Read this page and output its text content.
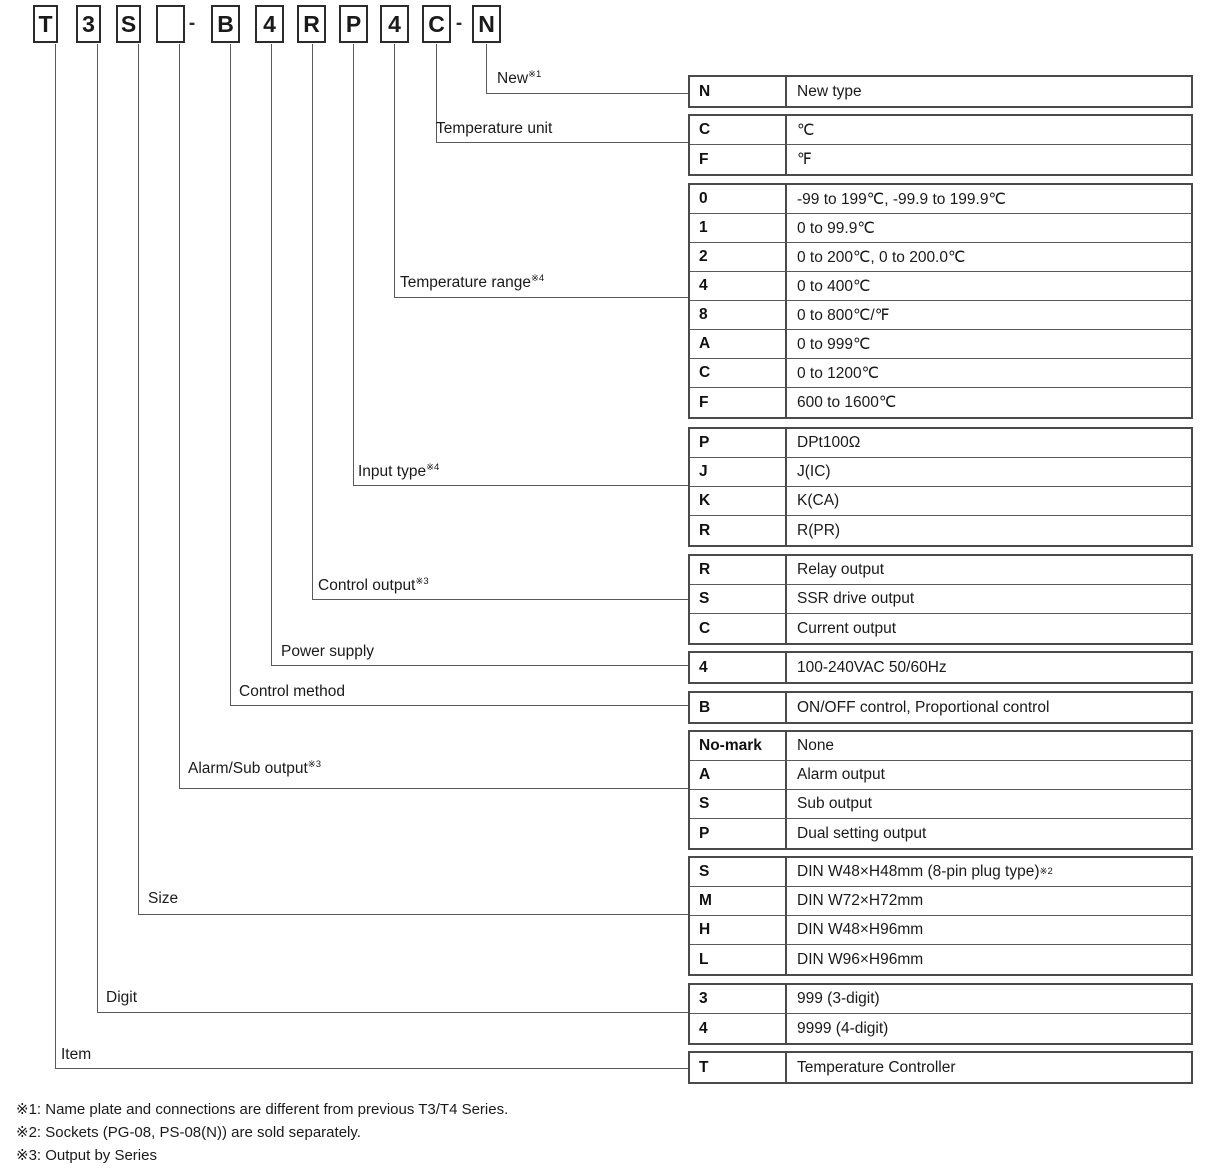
T 3 S	- B	4	R P	4	C - N
New$^{※1}$
Temperature unit
Temperature range$^{※4}$
Input type$^{※4}$
Control output$^{※3}$
Power supply
Control method
Alarm/Sub output$^{※3}$
Size
Digit
Item
N	New type
C	℃
F	℉
0	-99 to 199℃, -99.9 to 199.9℃
1	0 to 99.9℃
2	0 to 200℃, 0 to 200.0℃
4	0 to 400℃
8	0 to 800℃/℉
A	0 to 999℃
C	0 to 1200℃
F	600 to 1600℃
P	DPt100Ω
J	J(IC)
K	K(CA)
R	R(PR)
R	Relay output
S	SSR drive output
C	Current output
4	100-240VAC 50/60Hz
B	ON/OFF control, Proportional control
No-mark	None
A	Alarm output
S	Sub output
P	Dual setting output
S	DIN W48×H48mm (8-pin plug type) ※2
M	DIN W72×H72mm
H	DIN W48×H96mm
L	DIN W96×H96mm
3	999 (3-digit)
4	9999 (4-digit)
T	Temperature Controller
※1: Name plate and connections are different from previous T3/T4 Series.
※2: Sockets (PG-08, PS-08(N)) are sold separately.
※3: Output by Series
